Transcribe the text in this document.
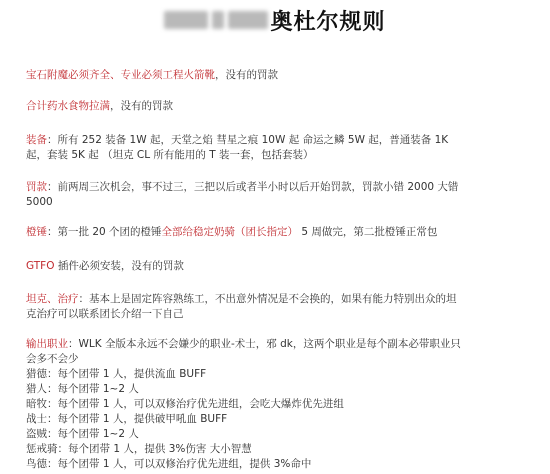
奥杜尔规则
宝石附魔必须齐全、专业必须工程火箭靴，没有的罚款
合计药水食物拉满，没有的罚款
装备：所有 252 装备 1W 起，天堂之焰 彗星之痕 10W 起 命运之鳞 5W 起，普通装备 1K
起，套装 5K 起 （坦克 CL 所有能用的 T 装一套，包括套装）
罚款：前两周三次机会，事不过三，三把以后或者半小时以后开始罚款，罚款小错 2000 大错
5000
橙锤：第一批 20 个团的橙锤全部给稳定奶骑（团长指定） 5 周做完，第二批橙锤正常包
GTFO 插件必须安装，没有的罚款
坦克、治疗：基本上是固定阵容熟练工，不出意外情况是不会换的，如果有能力特别出众的坦
克治疗可以联系团长介绍一下自己
输出职业：WLK 全版本永远不会嫌少的职业-术士，邪 dk，这两个职业是每个副本必带职业只
会多不会少
猎德：每个团带 1 人，提供流血 BUFF
猎人：每个团带 1~2 人
暗牧：每个团带 1 人，可以双修治疗优先进组，会吃大爆炸优先进组
战士：每个团带 1 人，提供破甲吼血 BUFF
盗贼：每个团带 1~2 人
惩戒骑：每个团带 1 人，提供 3%伤害 大小智慧
鸟德：每个团带 1 人，可以双修治疗优先进组，提供 3%命中
